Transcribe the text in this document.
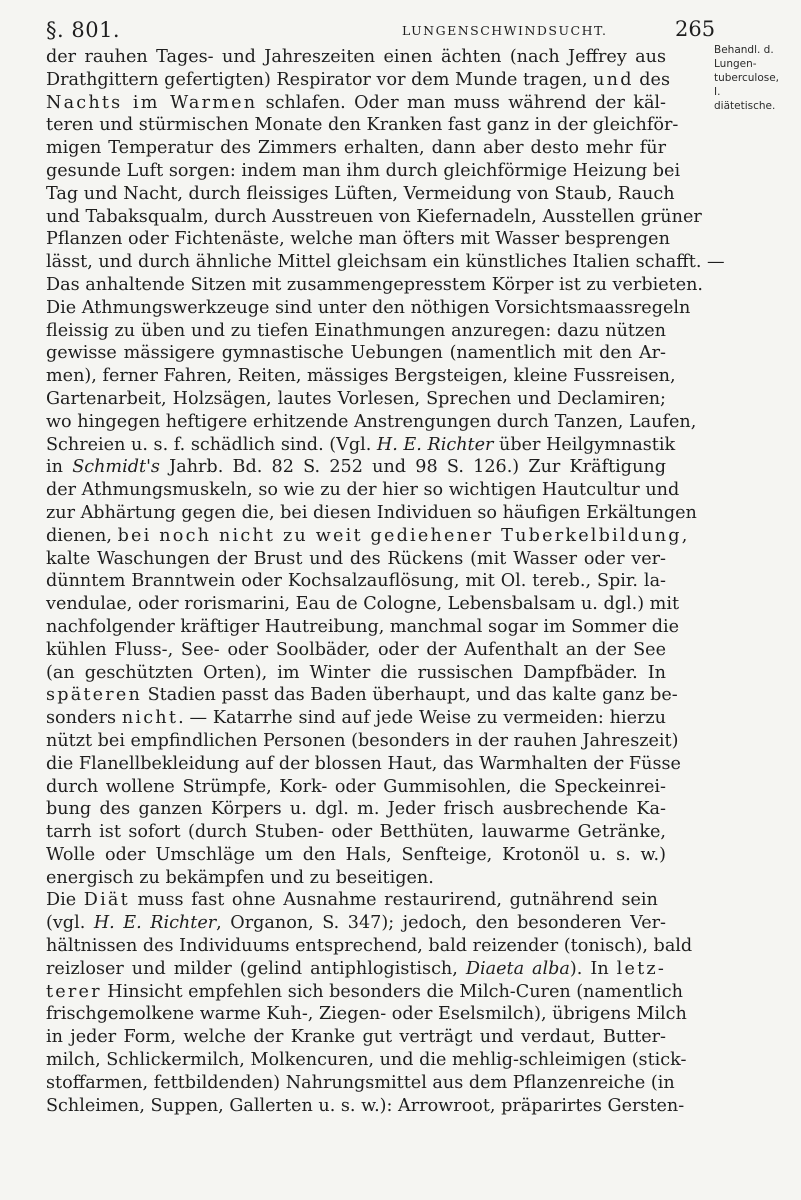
§. 801.	LUNGENSCHWINDSUCHT.	265
Behandl. d.
Lungen-
tuberculose,
I.
diätetische.
der rauhen Tages- und Jahreszeiten einen ächten (nach Jeffrey aus
Drathgittern gefertigten) Respirator vor dem Munde tragen, und des
Nachts im Warmen schlafen. Oder man muss während der käl-
teren und stürmischen Monate den Kranken fast ganz in der gleichför-
migen Temperatur des Zimmers erhalten, dann aber desto mehr für
gesunde Luft sorgen: indem man ihm durch gleichförmige Heizung bei
Tag und Nacht, durch fleissiges Lüften, Vermeidung von Staub, Rauch
und Tabaksqualm, durch Ausstreuen von Kiefernadeln, Ausstellen grüner
Pflanzen oder Fichtenäste, welche man öfters mit Wasser besprengen
lässt, und durch ähnliche Mittel gleichsam ein künstliches Italien schafft. —
Das anhaltende Sitzen mit zusammengepresstem Körper ist zu verbieten.
Die Athmungswerkzeuge sind unter den nöthigen Vorsichtsmaassregeln
fleissig zu üben und zu tiefen Einathmungen anzuregen: dazu nützen
gewisse mässigere gymnastische Uebungen (namentlich mit den Ar-
men), ferner Fahren, Reiten, mässiges Bergsteigen, kleine Fussreisen,
Gartenarbeit, Holzsägen, lautes Vorlesen, Sprechen und Declamiren;
wo hingegen heftigere erhitzende Anstrengungen durch Tanzen, Laufen,
Schreien u. s. f. schädlich sind. (Vgl. H. E. Richter über Heilgymnastik
in Schmidt's Jahrb. Bd. 82 S. 252 und 98 S. 126.) Zur Kräftigung
der Athmungsmuskeln, so wie zu der hier so wichtigen Hautcultur und
zur Abhärtung gegen die, bei diesen Individuen so häufigen Erkältungen
dienen, bei noch nicht zu weit gediehener Tuberkelbildung,
kalte Waschungen der Brust und des Rückens (mit Wasser oder ver-
dünntem Branntwein oder Kochsalzauflösung, mit Ol. tereb., Spir. la-
vendulae, oder rorismarini, Eau de Cologne, Lebensbalsam u. dgl.) mit
nachfolgender kräftiger Hautreibung, manchmal sogar im Sommer die
kühlen Fluss-, See- oder Soolbäder, oder der Aufenthalt an der See
(an geschützten Orten), im Winter die russischen Dampfbäder. In
späteren Stadien passt das Baden überhaupt, und das kalte ganz be-
sonders nicht. — Katarrhe sind auf jede Weise zu vermeiden: hierzu
nützt bei empfindlichen Personen (besonders in der rauhen Jahreszeit)
die Flanellbekleidung auf der blossen Haut, das Warmhalten der Füsse
durch wollene Strümpfe, Kork- oder Gummisohlen, die Speckeinrei-
bung des ganzen Körpers u. dgl. m. Jeder frisch ausbrechende Ka-
tarrh ist sofort (durch Stuben- oder Betthüten, lauwarme Getränke,
Wolle oder Umschläge um den Hals, Senfteige, Krotonöl u. s. w.)
energisch zu bekämpfen und zu beseitigen.
Die Diät muss fast ohne Ausnahme restaurirend, gutnährend sein
(vgl. H. E. Richter, Organon, S. 347); jedoch, den besonderen Ver-
hältnissen des Individuums entsprechend, bald reizender (tonisch), bald
reizloser und milder (gelind antiphlogistisch, Diaeta alba). In letz-
terer Hinsicht empfehlen sich besonders die Milch-Curen (namentlich
frischgemolkene warme Kuh-, Ziegen- oder Eselsmilch), übrigens Milch
in jeder Form, welche der Kranke gut verträgt und verdaut, Butter-
milch, Schlickermilch, Molkencuren, und die mehlig-schleimigen (stick-
stoffarmen, fettbildenden) Nahrungsmittel aus dem Pflanzenreiche (in
Schleimen, Suppen, Gallerten u. s. w.): Arrowroot, präparirtes Gersten-
